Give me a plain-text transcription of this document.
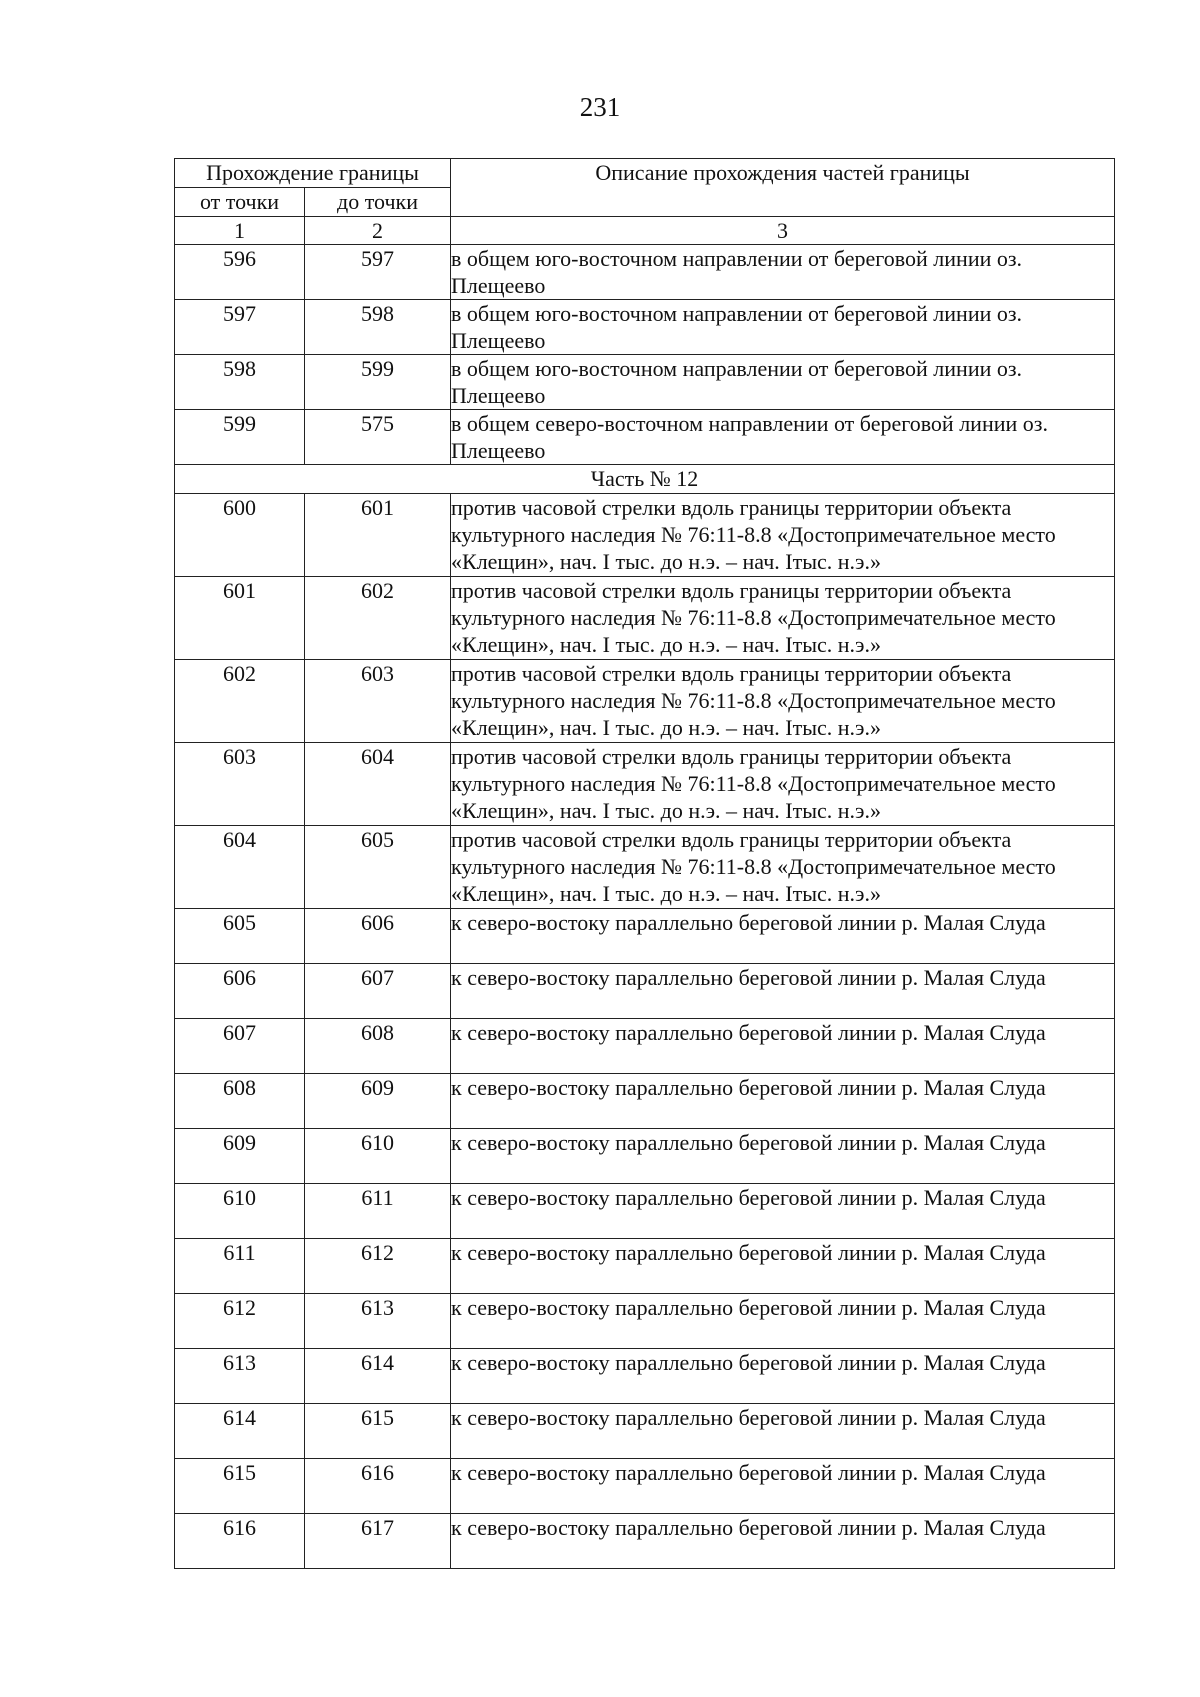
231
Прохождение границы		Описание прохождения частей границы
от точки	до точки	
1	2	3
596	597	в общем юго-восточном направлении от береговой линии оз. Плещеево
597	598	в общем юго-восточном направлении от береговой линии оз. Плещеево
598	599	в общем юго-восточном направлении от береговой линии оз. Плещеево
599	575	в общем северо-восточном направлении от береговой линии оз. Плещеево
Часть № 12		
600	601	против часовой стрелки вдоль границы территории объекта культурного наследия № 76:11-8.8 «Достопримечательное место «Клещин», нач. I тыс. до н.э. – нач. Iтыс. н.э.»
601	602	против часовой стрелки вдоль границы территории объекта культурного наследия № 76:11-8.8 «Достопримечательное место «Клещин», нач. I тыс. до н.э. – нач. Iтыс. н.э.»
602	603	против часовой стрелки вдоль границы территории объекта культурного наследия № 76:11-8.8 «Достопримечательное место «Клещин», нач. I тыс. до н.э. – нач. Iтыс. н.э.»
603	604	против часовой стрелки вдоль границы территории объекта культурного наследия № 76:11-8.8 «Достопримечательное место «Клещин», нач. I тыс. до н.э. – нач. Iтыс. н.э.»
604	605	против часовой стрелки вдоль границы территории объекта культурного наследия № 76:11-8.8 «Достопримечательное место «Клещин», нач. I тыс. до н.э. – нач. Iтыс. н.э.»
605	606	к северо-востоку параллельно береговой линии р. Малая Слуда
606	607	к северо-востоку параллельно береговой линии р. Малая Слуда
607	608	к северо-востоку параллельно береговой линии р. Малая Слуда
608	609	к северо-востоку параллельно береговой линии р. Малая Слуда
609	610	к северо-востоку параллельно береговой линии р. Малая Слуда
610	611	к северо-востоку параллельно береговой линии р. Малая Слуда
611	612	к северо-востоку параллельно береговой линии р. Малая Слуда
612	613	к северо-востоку параллельно береговой линии р. Малая Слуда
613	614	к северо-востоку параллельно береговой линии р. Малая Слуда
614	615	к северо-востоку параллельно береговой линии р. Малая Слуда
615	616	к северо-востоку параллельно береговой линии р. Малая Слуда
616	617	к северо-востоку параллельно береговой линии р. Малая Слуда
